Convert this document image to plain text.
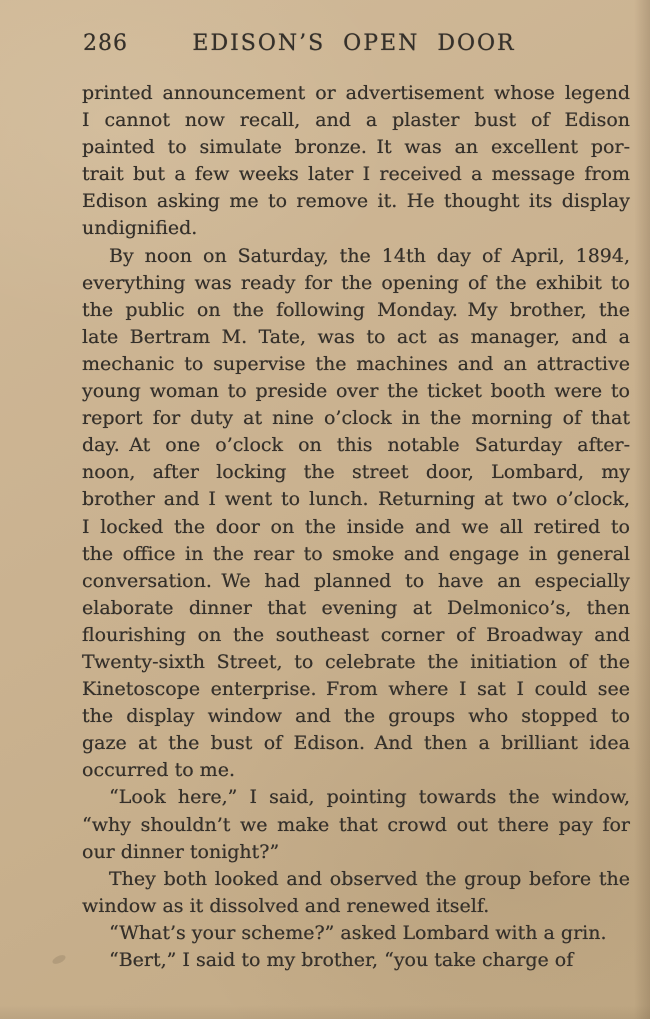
286	EDISON’S OPEN DOOR
printed announcement or advertisement whose legend
I cannot now recall, and a plaster bust of Edison
painted to simulate bronze. It was an excellent por-
trait but a few weeks later I received a message from
Edison asking me to remove it. He thought its display
undignified.
By noon on Saturday, the 14th day of April, 1894,
everything was ready for the opening of the exhibit to
the public on the following Monday. My brother, the
late Bertram M. Tate, was to act as manager, and a
mechanic to supervise the machines and an attractive
young woman to preside over the ticket booth were to
report for duty at nine o’clock in the morning of that
day. At one o’clock on this notable Saturday after-
noon, after locking the street door, Lombard, my
brother and I went to lunch. Returning at two o’clock,
I locked the door on the inside and we all retired to
the office in the rear to smoke and engage in general
conversation. We had planned to have an especially
elaborate dinner that evening at Delmonico’s, then
flourishing on the southeast corner of Broadway and
Twenty-sixth Street, to celebrate the initiation of the
Kinetoscope enterprise. From where I sat I could see
the display window and the groups who stopped to
gaze at the bust of Edison. And then a brilliant idea
occurred to me.
“Look here,” I said, pointing towards the window,
“why shouldn’t we make that crowd out there pay for
our dinner tonight?”
They both looked and observed the group before the
window as it dissolved and renewed itself.
“What’s your scheme?” asked Lombard with a grin.
“Bert,” I said to my brother, “you take charge of
